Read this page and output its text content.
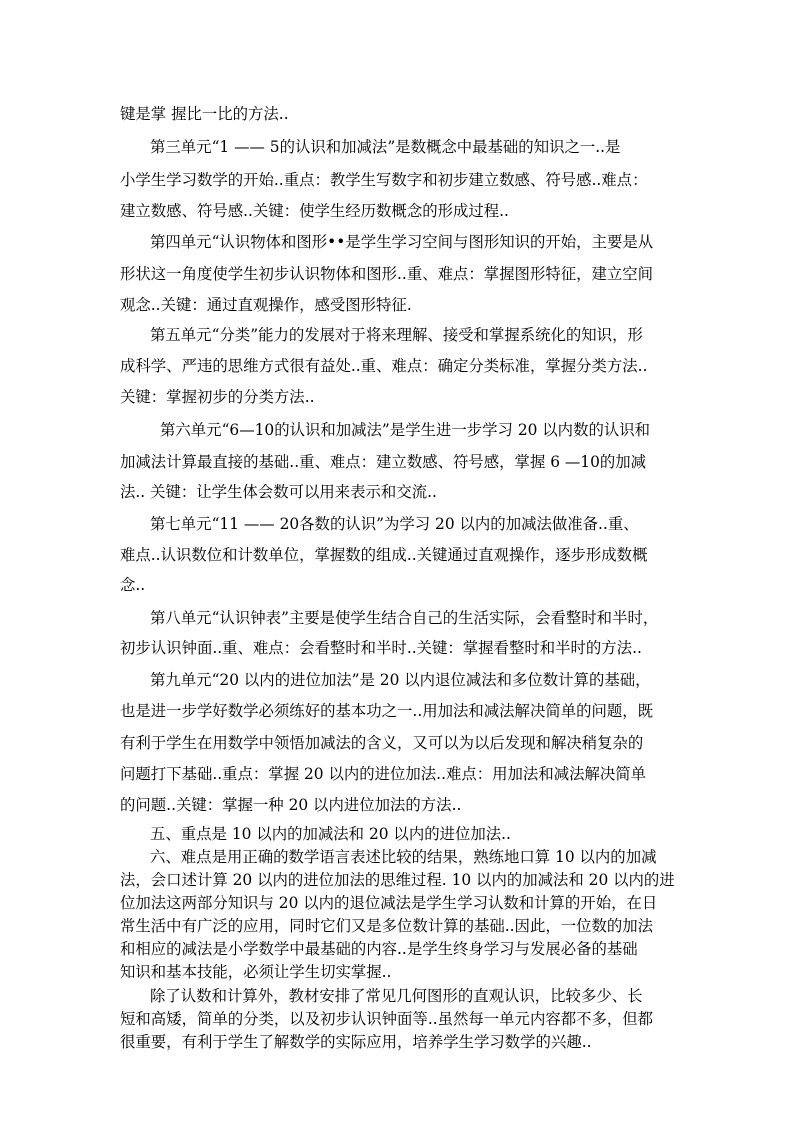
键是掌 握比一比的方法..
第三单元“1 —— 5的认识和加减法”是数概念中最基础的知识之一..是
小学生学习数学的开始..重点：教学生写数字和初步建立数感、符号感..难点：
建立数感、符号感..关键：使学生经历数概念的形成过程..
第四单元“认识物体和图形••是学生学习空间与图形知识的开始，主要是从
形状这一角度使学生初步认识物体和图形..重、难点：掌握图形特征，建立空间
观念..关键：通过直观操作，感受图形特征.
第五单元“分类”能力的发展对于将来理解、接受和掌握系统化的知识，形
成科学、严违的思维方式很有益处..重、难点：确定分类标准，掌握分类方法..
关键：掌握初步的分类方法..
第六单元“6—10的认识和加减法”是学生进一步学习 20 以内数的认识和
加减法计算最直接的基础..重、难点：建立数感、符号感，掌握 6 —10的加减
法.. 关键：让学生体会数可以用来表示和交流..
第七单元“11 —— 20各数的认识”为学习 20 以内的加减法做准备..重、
难点..认识数位和计数单位，掌握数的组成..关键通过直观操作，逐步形成数概
念..
第八单元“认识钟表”主要是使学生结合自己的生活实际，会看整时和半时，
初步认识钟面..重、难点：会看整时和半时..关键：掌握看整时和半时的方法..
第九单元“20 以内的进位加法”是 20 以内退位减法和多位数计算的基础，
也是进一步学好数学必须练好的基本功之一..用加法和减法解决简单的问题，既
有利于学生在用数学中领悟加减法的含义，又可以为以后发现和解决稍复杂的
问题打下基础..重点：掌握 20 以内的进位加法..难点：用加法和减法解决简单
的问题..关键：掌握一种 20 以内进位加法的方法..
五、重点是 10 以内的加减法和 20 以内的进位加法..
六、难点是用正确的数学语言表述比较的结果，熟练地口算 10 以内的加减
法，会口述计算 20 以内的进位加法的思维过程. 10 以内的加减法和 20 以内的进
位加法这两部分知识与 20 以内的退位减法是学生学习认数和计算的开始，在日
常生活中有广泛的应用，同时它们又是多位数计算的基础..因此，一位数的加法
和相应的减法是小学数学中最基础的内容..是学生终身学习与发展必备的基础
知识和基本技能，必须让学生切实掌握..
除了认数和计算外，教材安排了常见几何图形的直观认识，比较多少、长
短和高矮，简单的分类，以及初步认识钟面等..虽然每一单元内容都不多，但都
很重要，有利于学生了解数学的实际应用，培养学生学习数学的兴趣..
